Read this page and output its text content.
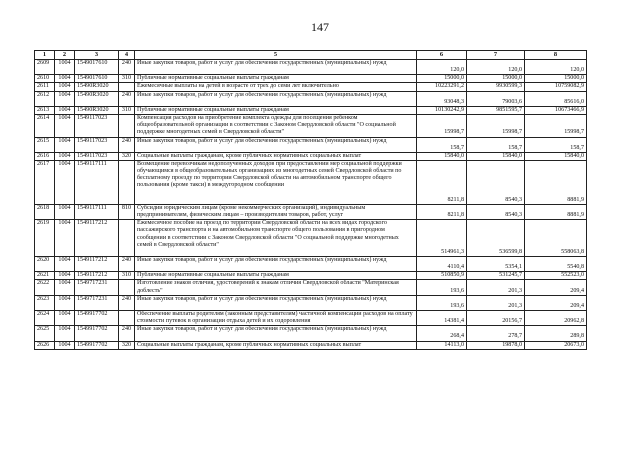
147
1	2	3	4	5	6	7	8
2609	1004	1549017610	240	Иные закупки товаров, работ и услуг для обеспечения государственных (муниципальных) нужд	120,0	120,0	120,0
2610	1004	1549017610	310	Публичные нормативные социальные выплаты гражданам	15000,0	15000,0	15000,0
2611	1004	15490R3020		Ежемесячные выплаты на детей в возрасте от трех до семи лет включительно	10223291,2	9930599,3	10759082,9
2612	1004	15490R3020	240	Иные закупки товаров, работ и услуг для обеспечения государственных (муниципальных) нужд	93048,3	79003,6	85616,0
2613	1004	15490R3020	310	Публичные нормативные социальные выплаты гражданам	10130242,9	9851595,7	10673466,9
2614	1004	1549117023		Компенсация расходов на приобретение комплекта одежды для посещения ребенком общеобразовательной организации в соответствии с Законом Свердловской области "О социальной поддержке многодетных семей в Свердловской области"	15998,7	15998,7	15998,7
2615	1004	1549117023	240	Иные закупки товаров, работ и услуг для обеспечения государственных (муниципальных) нужд	158,7	158,7	158,7
2616	1004	1549117023	320	Социальные выплаты гражданам, кроме публичных нормативных социальных выплат	15840,0	15840,0	15840,0
2617	1004	1549117111		Возмещение перевозчикам недополученных доходов при предоставлении мер социальной поддержки обучающимся в общеобразовательных организациях из многодетных семей Свердловской области по бесплатному проезду по территории Свердловской области на автомобильном транспорте общего пользования (кроме такси) в междугородном сообщении	8211,8	8540,3	8881,9
2618	1004	1549117111	810	Субсидии юридическим лицам (кроме некоммерческих организаций), индивидуальным предпринимателям, физическим лицам – производителям товаров, работ, услуг	8211,8	8540,3	8881,9
2619	1004	1549117212		Ежемесячное пособие на проезд по территории Свердловской области на всех видах городского пассажирского транспорта и на автомобильном транспорте общего пользования в пригородном сообщении в соответствии с Законом Свердловской области "О социальной поддержке многодетных семей в Свердловской области"	514961,3	536599,8	558063,8
2620	1004	1549117212	240	Иные закупки товаров, работ и услуг для обеспечения государственных (муниципальных) нужд	4110,4	5354,1	5540,8
2621	1004	1549117212	310	Публичные нормативные социальные выплаты гражданам	510850,9	531245,7	552523,0
2622	1004	1549717231		Изготовление знаков отличия, удостоверений к знакам отличия Свердловской области "Материнская доблесть"	193,6	201,3	209,4
2623	1004	1549717231	240	Иные закупки товаров, работ и услуг для обеспечения государственных (муниципальных) нужд	193,6	201,3	209,4
2624	1004	1549917702		Обеспечение выплаты родителям (законным представителям) частичной компенсации расходов на оплату стоимости путевок в организации отдыха детей и их оздоровления	14381,4	20156,7	20962,8
2625	1004	1549917702	240	Иные закупки товаров, работ и услуг для обеспечения государственных (муниципальных) нужд	268,4	278,7	289,8
2626	1004	1549917702	320	Социальные выплаты гражданам, кроме публичных нормативных социальных выплат	14113,0	19878,0	20673,0
